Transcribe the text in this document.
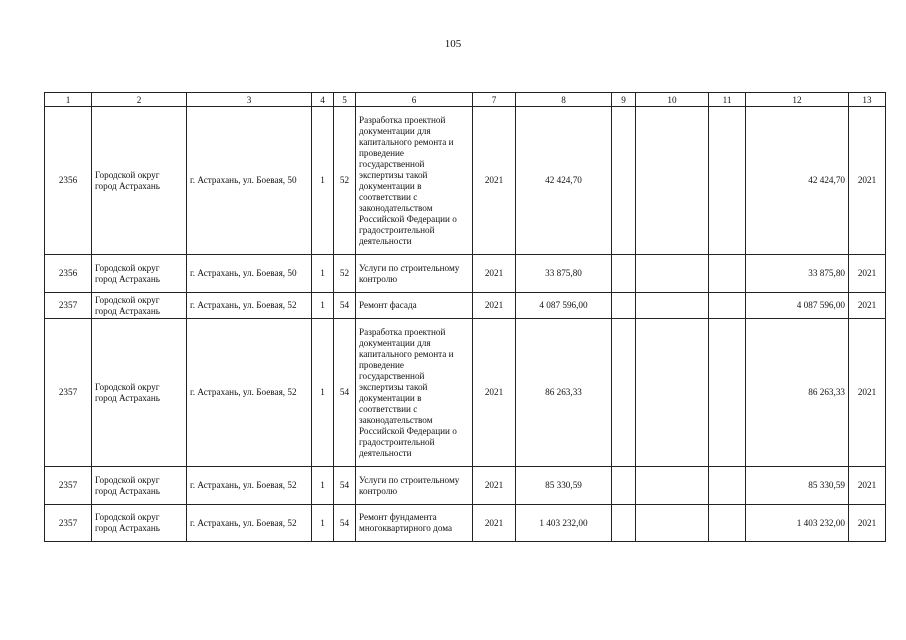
105
1	2	3	4	5	6	7	8	9	10	11	12	13
2356	Городской округ город Астрахань	г. Астрахань, ул. Боевая, 50	1	52	Разработка проектной документации для капитального ремонта и проведение государственной экспертизы такой документации в соответствии с законодательством Российской Федерации о градостроительной деятельности	2021	42 424,70				42 424,70	2021
2356	Городской округ город Астрахань	г. Астрахань, ул. Боевая, 50	1	52	Услуги по строительному контролю	2021	33 875,80				33 875,80	2021
2357	Городской округ город Астрахань	г. Астрахань, ул. Боевая, 52	1	54	Ремонт фасада	2021	4 087 596,00				4 087 596,00	2021
2357	Городской округ город Астрахань	г. Астрахань, ул. Боевая, 52	1	54	Разработка проектной документации для капитального ремонта и проведение государственной экспертизы такой документации в соответствии с законодательством Российской Федерации о градостроительной деятельности	2021	86 263,33				86 263,33	2021
2357	Городской округ город Астрахань	г. Астрахань, ул. Боевая, 52	1	54	Услуги по строительному контролю	2021	85 330,59				85 330,59	2021
2357	Городской округ город Астрахань	г. Астрахань, ул. Боевая, 52	1	54	Ремонт фундамента многоквартирного дома	2021	1 403 232,00				1 403 232,00	2021
